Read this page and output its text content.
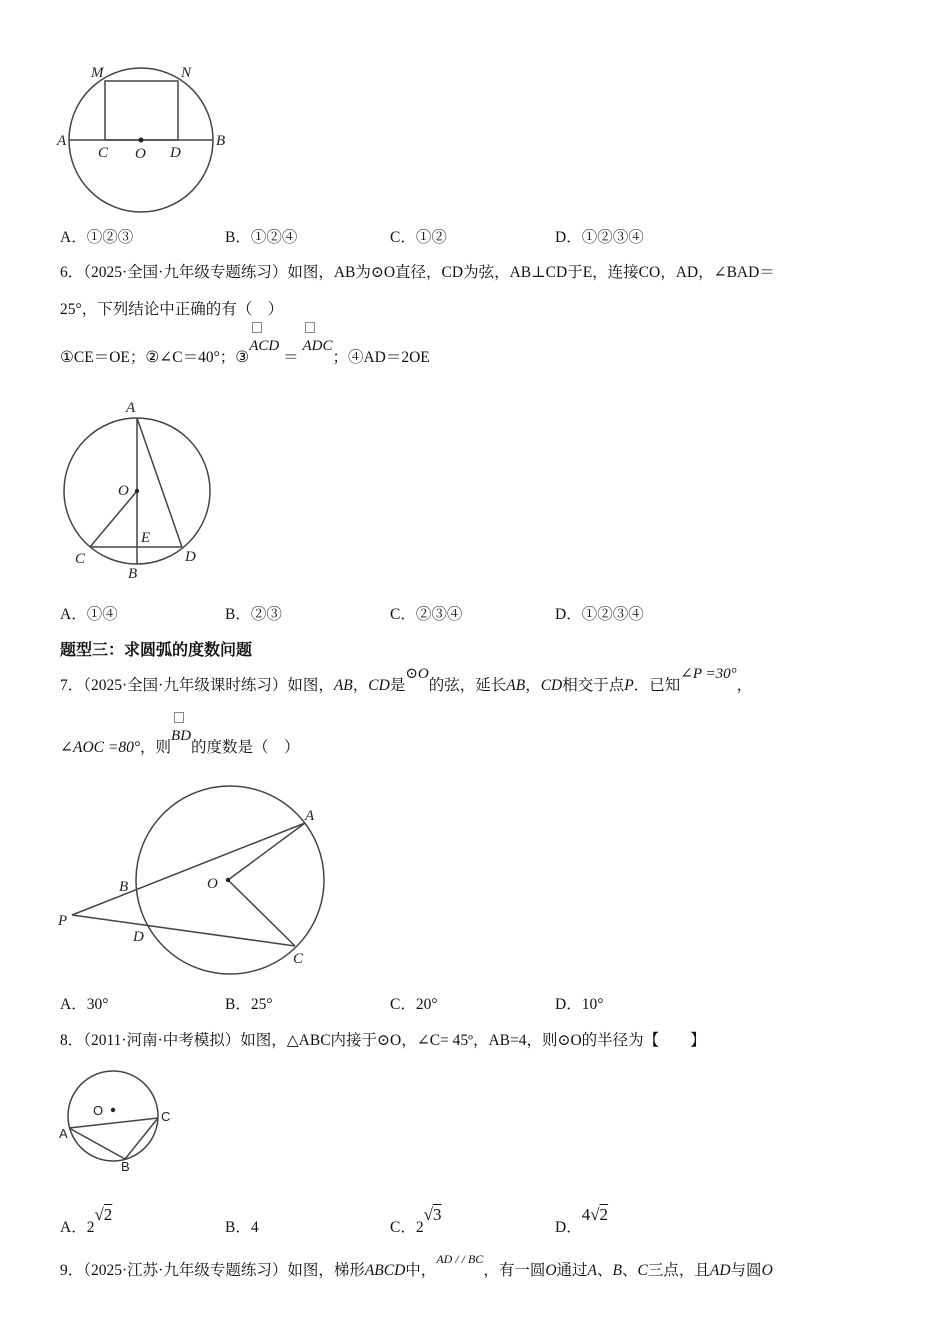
M	N
A	B
C O D
A．①②③	B．①②④	C．①②	D．①②③④
6．（2025·全国·九年级专题练习）如图，AB为⊙O直径，CD为弦，AB⊥CD于E，连接CO，AD，∠BAD＝
25°，下列结论中正确的有（　）
①CE＝OE；②∠C＝40°；③ACD ＝ ADC；④AD＝2OE
A
O
E
C
B
D
A．①④	B．②③	C．②③④	D．①②③④
题型三：求圆弧的度数问题
7．（2025·全国·九年级课时练习）如图，AB，CD是⊙O的弦，延长AB，CD相交于点P．已知∠P =30°，
∠AOC =80°，则BD的度数是（　）
A
B	O
P
D
C
A．30°	B．25°	C．20°	D．10°
8．（2011·河南·中考模拟）如图，△ABC内接于⊙O，∠C= 45º，AB=4，则⊙O的半径为【　　】
O	C
A
B
A．2√2
B．4	C．2√3
D．4√2
9．（2025·江苏·九年级专题练习）如图，梯形ABCD中，$^{AD / / BC}$，有一圆O通过A、B、C三点，且AD与圆O
